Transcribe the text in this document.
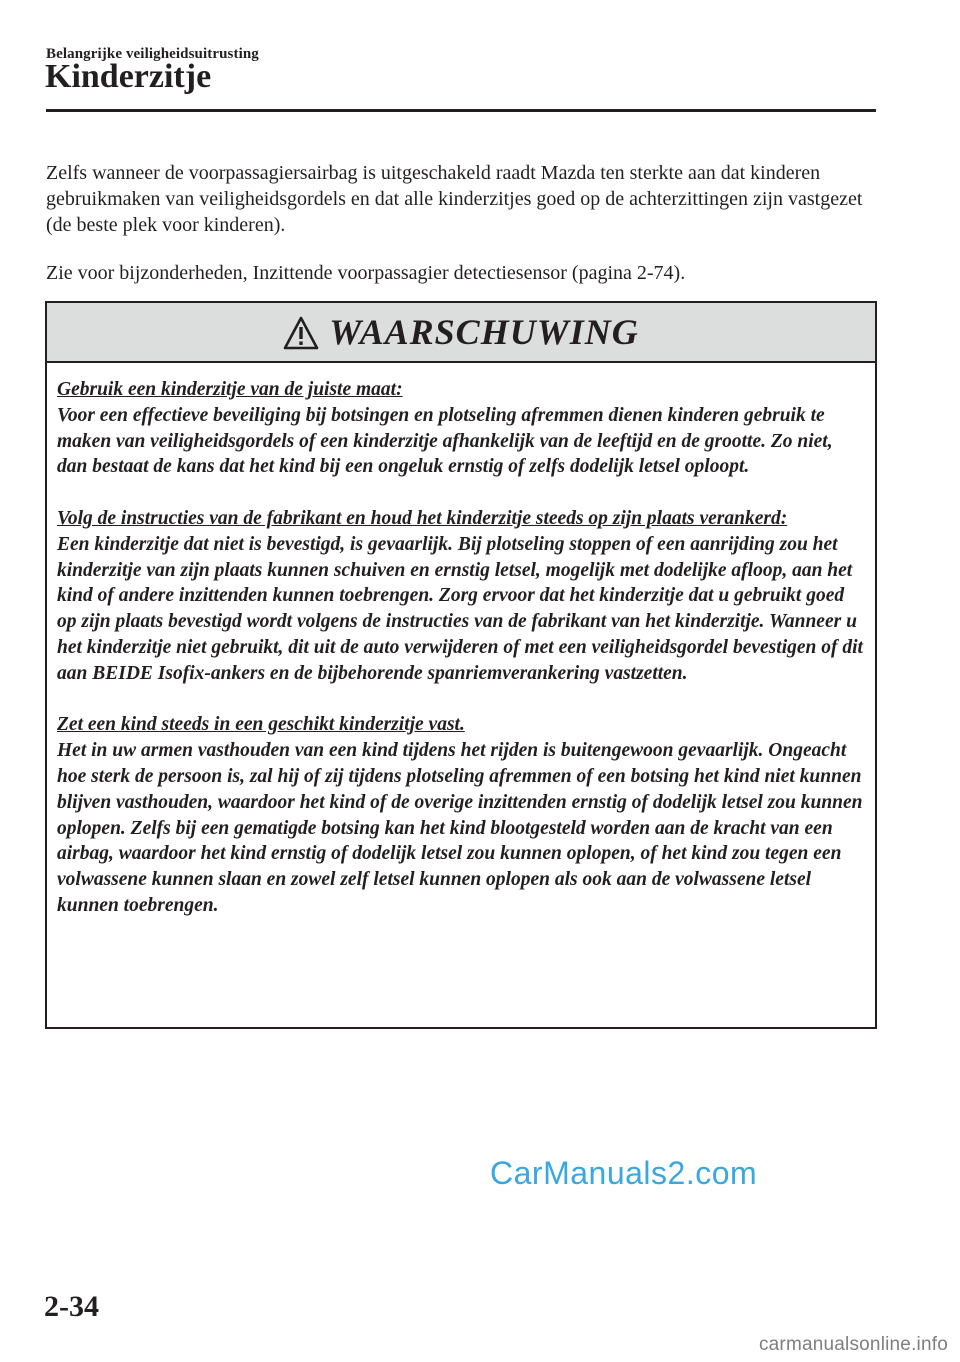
Belangrijke veiligheidsuitrusting
Kinderzitje

Zelfs wanneer de voorpassagiersairbag is uitgeschakeld raadt Mazda ten sterkte aan dat kinderen gebruikmaken van veiligheidsgordels en dat alle kinderzitjes goed op de achterzittingen zijn vastgezet (de beste plek voor kinderen).

Zie voor bijzonderheden, Inzittende voorpassagier detectiesensor (pagina 2-74).

WAARSCHUWING
Gebruik een kinderzitje van de juiste maat:
Voor een effectieve beveiliging bij botsingen en plotseling afremmen dienen kinderen gebruik te maken van veiligheidsgordels of een kinderzitje afhankelijk van de leeftijd en de grootte. Zo niet, dan bestaat de kans dat het kind bij een ongeluk ernstig of zelfs dodelijk letsel oploopt.
Volg de instructies van de fabrikant en houd het kinderzitje steeds op zijn plaats verankerd:
Een kinderzitje dat niet is bevestigd, is gevaarlijk. Bij plotseling stoppen of een aanrijding zou het kinderzitje van zijn plaats kunnen schuiven en ernstig letsel, mogelijk met dodelijke afloop, aan het kind of andere inzittenden kunnen toebrengen. Zorg ervoor dat het kinderzitje dat u gebruikt goed op zijn plaats bevestigd wordt volgens de instructies van de fabrikant van het kinderzitje. Wanneer u het kinderzitje niet gebruikt, dit uit de auto verwijderen of met een veiligheidsgordel bevestigen of dit aan BEIDE Isofix-ankers en de bijbehorende spanriemverankering vastzetten.
Zet een kind steeds in een geschikt kinderzitje vast.
Het in uw armen vasthouden van een kind tijdens het rijden is buitengewoon gevaarlijk. Ongeacht hoe sterk de persoon is, zal hij of zij tijdens plotseling afremmen of een botsing het kind niet kunnen blijven vasthouden, waardoor het kind of de overige inzittenden ernstig of dodelijk letsel zou kunnen oplopen. Zelfs bij een gematigde botsing kan het kind blootgesteld worden aan de kracht van een airbag, waardoor het kind ernstig of dodelijk letsel zou kunnen oplopen, of het kind zou tegen een volwassene kunnen slaan en zowel zelf letsel kunnen oplopen als ook aan de volwassene letsel kunnen toebrengen.
CarManuals2.com
2-34
carmanualsonline.info
